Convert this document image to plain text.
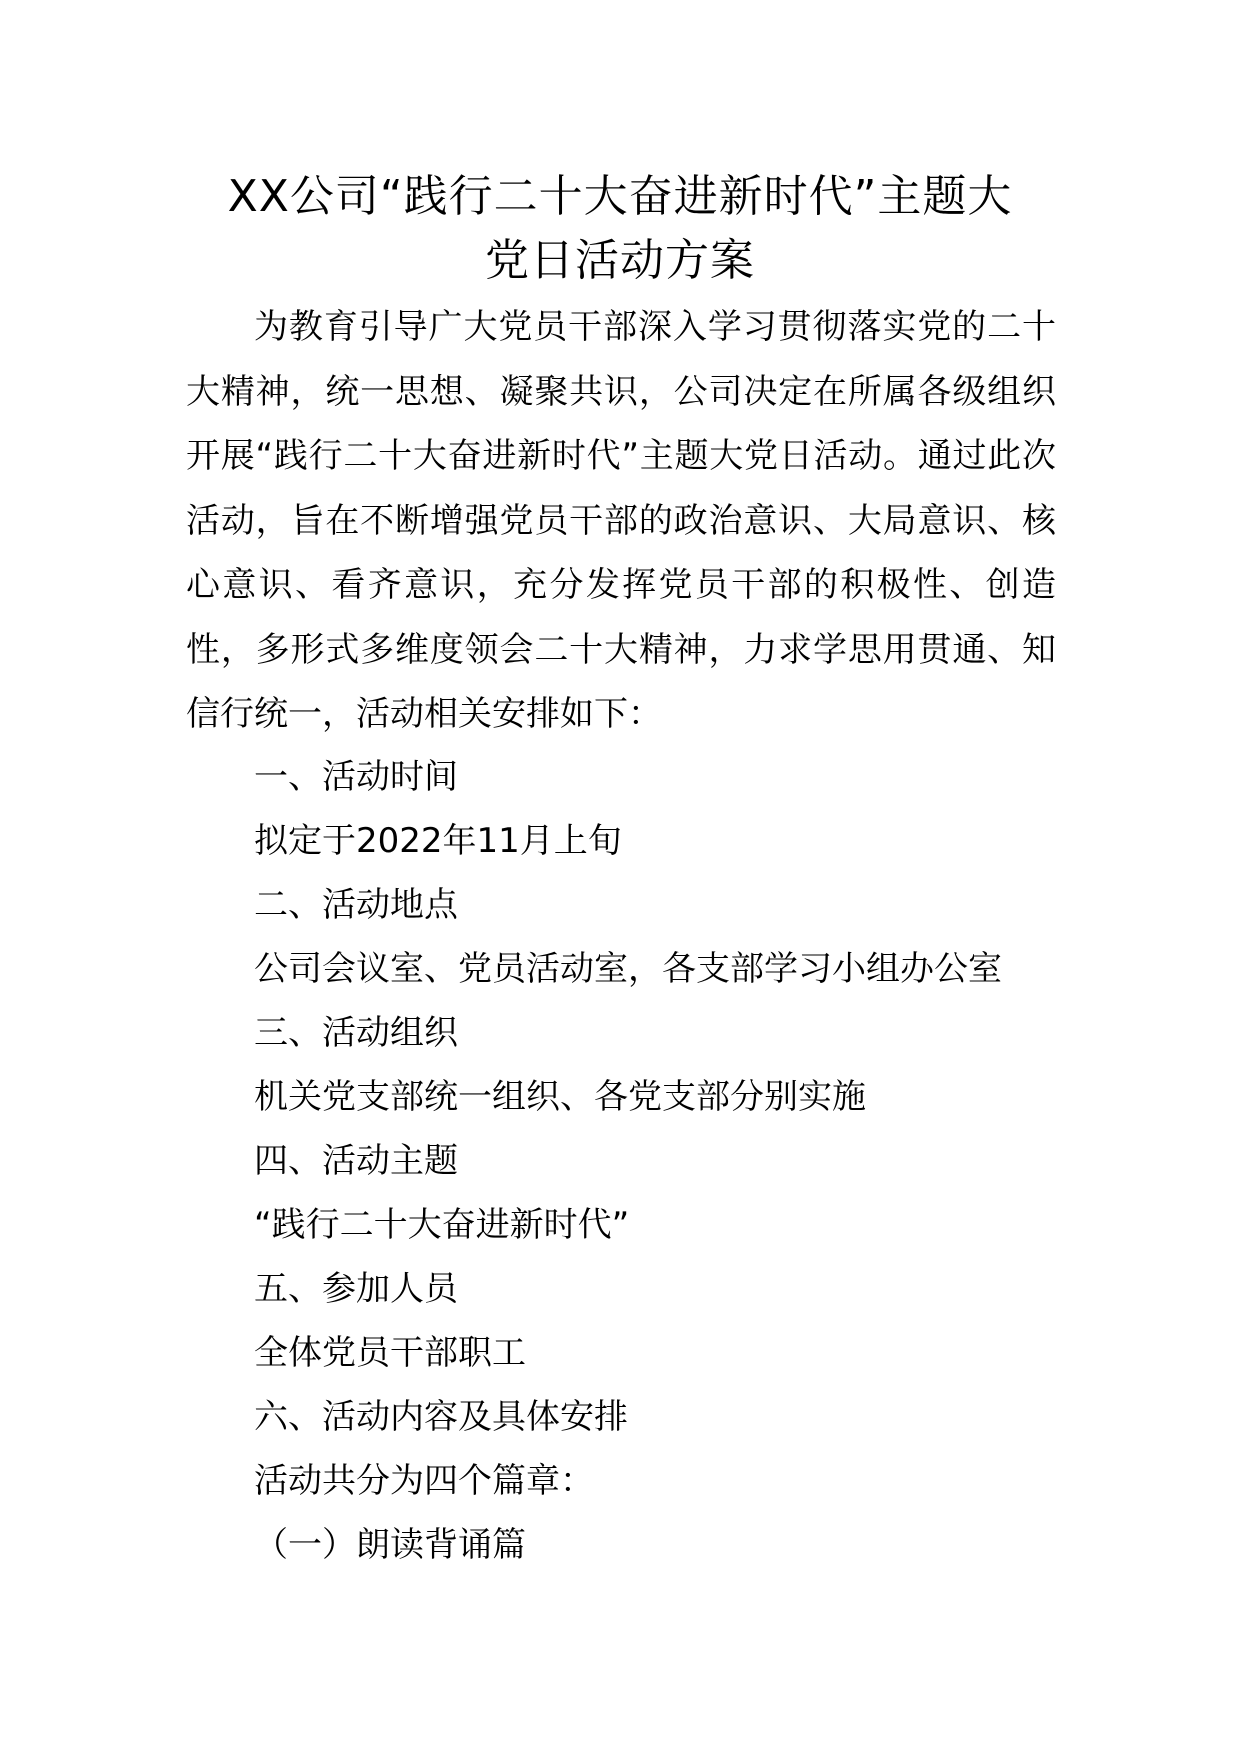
XX公司“践行二十大奋进新时代”主题大
党日活动方案

为教育引导广大党员干部深入学习贯彻落实党的二十大精神，统一思想、凝聚共识，公司决定在所属各级组织开展“践行二十大奋进新时代”主题大党日活动。通过此次活动，旨在不断增强党员干部的政治意识、大局意识、核心意识、看齐意识，充分发挥党员干部的积极性、创造性，多形式多维度领会二十大精神，力求学思用贯通、知信行统一，活动相关安排如下：

一、活动时间

拟定于2022年11月上旬

二、活动地点

公司会议室、党员活动室，各支部学习小组办公室

三、活动组织

机关党支部统一组织、各党支部分别实施

四、活动主题

“践行二十大奋进新时代”

五、参加人员

全体党员干部职工

六、活动内容及具体安排

活动共分为四个篇章：

（一）朗读背诵篇
